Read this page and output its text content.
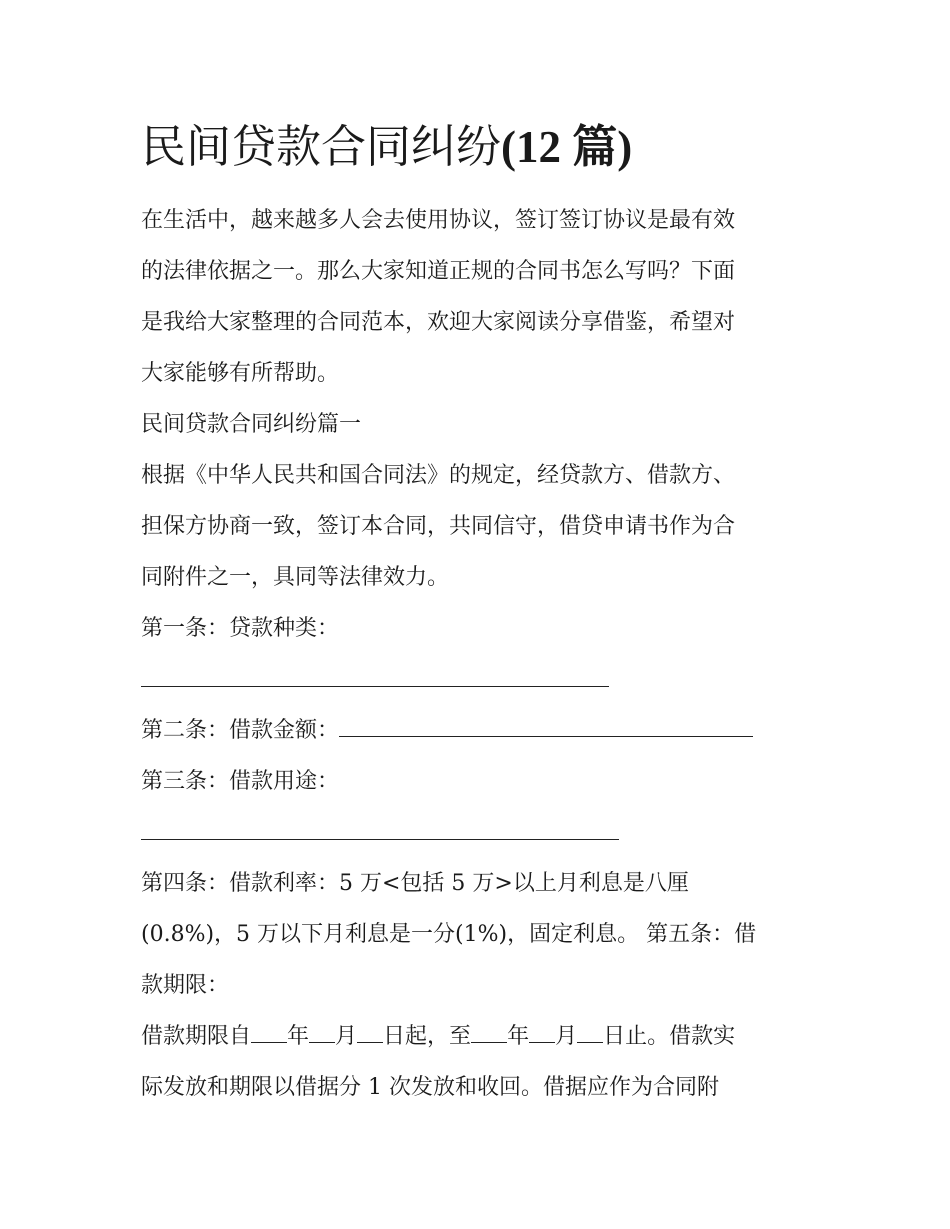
民间贷款合同纠纷(12 篇)
在生活中，越来越多人会去使用协议，签订签订协议是最有效
的法律依据之一。那么大家知道正规的合同书怎么写吗？下面
是我给大家整理的合同范本，欢迎大家阅读分享借鉴，希望对
大家能够有所帮助。
民间贷款合同纠纷篇一
根据《中华人民共和国合同法》的规定，经贷款方、借款方、
担保方协商一致，签订本合同，共同信守，借贷申请书作为合
同附件之一，具同等法律效力。
第一条：贷款种类：
第二条：借款金额：
第三条：借款用途：
第四条：借款利率：5 万<包括 5 万>以上月利息是八厘
(0.8%)，5 万以下月利息是一分(1%)，固定利息。 第五条：借
款期限：
借款期限自 年 月 日起，至 年 月 日止。借款实
际发放和期限以借据分 1 次发放和收回。借据应作为合同附
